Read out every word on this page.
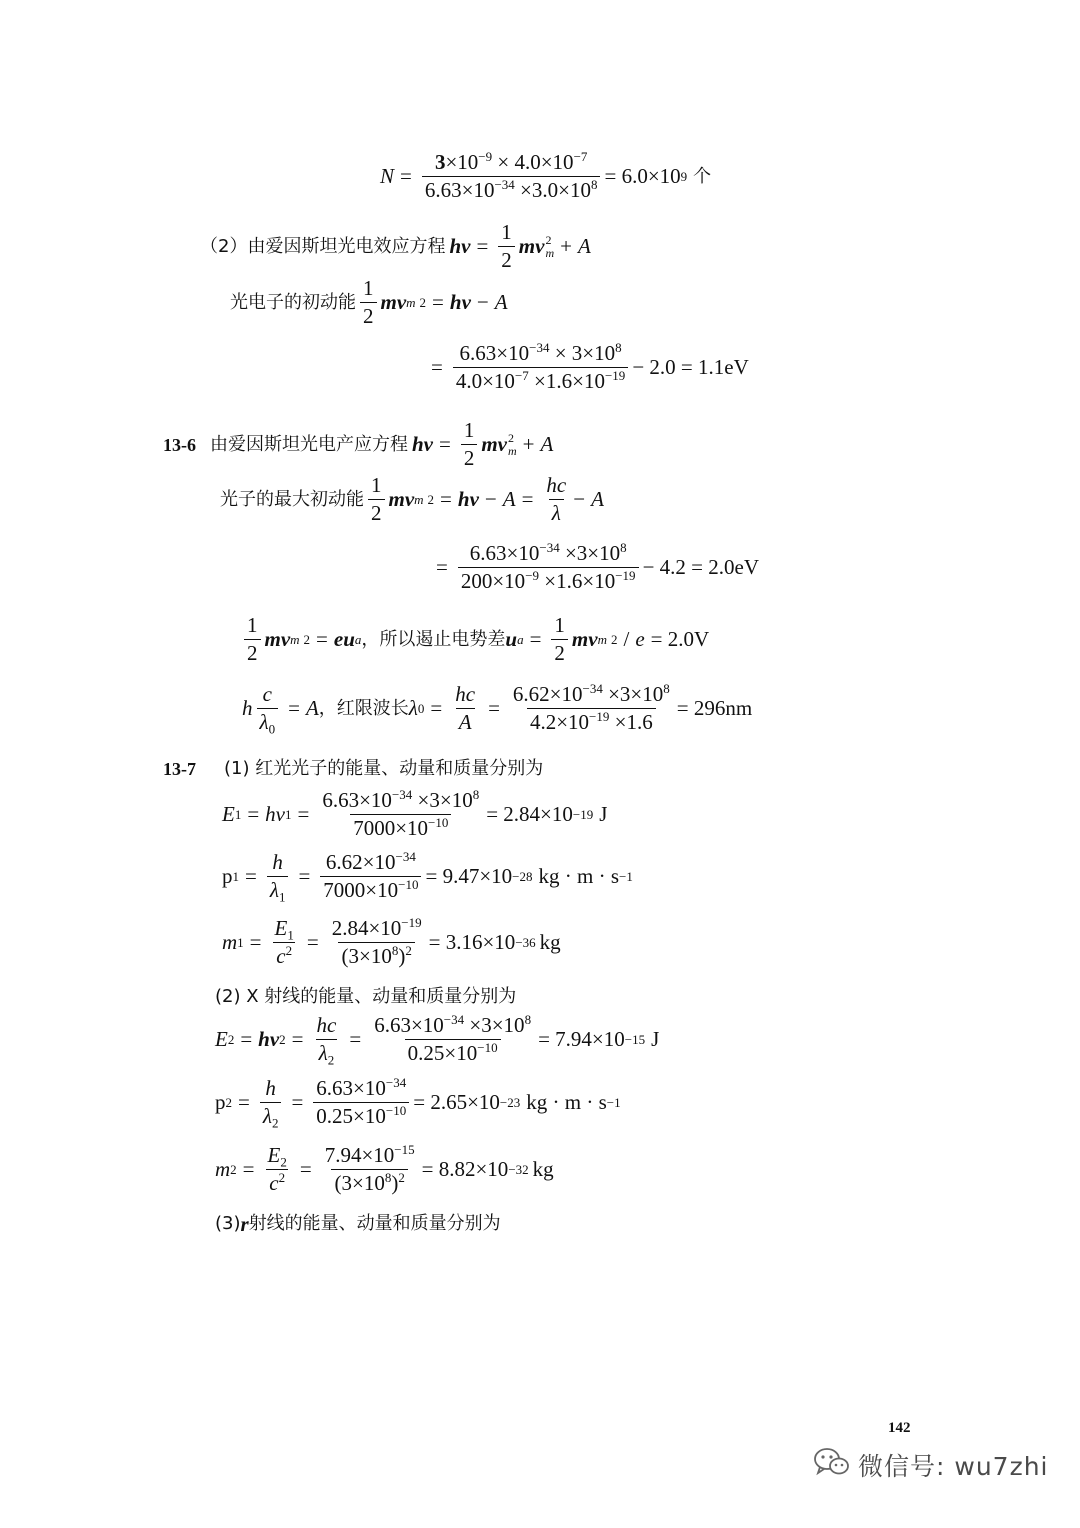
$N = \frac{3\times 10^{-9} \times 4.0\times 10^{-7}}{6.63\times 10^{-34} \times 3.0\times 10^8} = 6.0\times 10$ 9 个
（2）由爱因斯坦光电效应方程 hv = $\frac{1}{2}$ mv 2
m + A
光电子的初动能 $\frac{1}{2}$ mv m 2 = hv − A
= $\frac{6.63\times 10^{-34} \times 3\times 10^8}{4.0\times 10^{-7} \times 1.6\times 10^{-19}} - 2.0 = 1.1eV$
13-6 由爱因斯坦光电产应方程 hv = $\frac{1}{2}$ mv 2
m + A
光子的最大初动能 $\frac{1}{2}$ mv m 2 = hv − $A = \frac{hc}{\lambda} - A$
= $\frac{6.63\times 10^{-34} \times 3\times 10^8}{200\times 10^{-9} \times 1.6\times 10^{-19}} - 4.2 = 2.0eV$
$\frac{1}{2}$ mv m 2 = eu a ，所以遏止电势差 u $a = \frac{1}{2}$ mv m 2 / e = 2.0V
h $\frac{c}{\lambda_0} = A$ ，红限波长 λ $0 = \frac{hc}{A} = \frac{6.62\times 10^{-34} \times 3\times 10^8}{4.2\times 10^{-19} \times 1.6} = 296nm$
13-7 (1) 红光光子的能量、动量和质量分别为
E 1 = hv $1 = \frac{6.63\times 10^{-34} \times 3\times 10^8}{7000\times 10^{-10}} = 2.84\times 10 -19$ J
p $1 = \frac{h}{\lambda_1} = \frac{6.62\times 10^{-34}}{7000\times 10^{-10}} = 9.47\times 10 -28$ kg · m · s −1
m $1 = \frac{E_1}{c^2} = \frac{2.84\times 10^{-19}}{(3\times 10^8)^2} = 3.16\times 10 -36$ kg
(2) X 射线的能量、动量和质量分别为
E 2 = hv $2 = \frac{hc}{\lambda_2} = \frac{6.63\times 10^{-34} \times 3\times 10^8}{0.25\times 10^{-10}} = 7.94\times 10 -15$ J
p $2 = \frac{h}{\lambda_2} = \frac{6.63\times 10^{-34}}{0.25\times 10^{-10}} = 2.65\times 10 -23$ kg · m · s −1
m $2 = \frac{E_2}{c^2} = \frac{7.94\times 10^{-15}}{(3\times 10^8)^2} = 8.82\times 10 -32$ kg
(3) r 射线的能量、动量和质量分别为
142
微信号: wu7zhi
